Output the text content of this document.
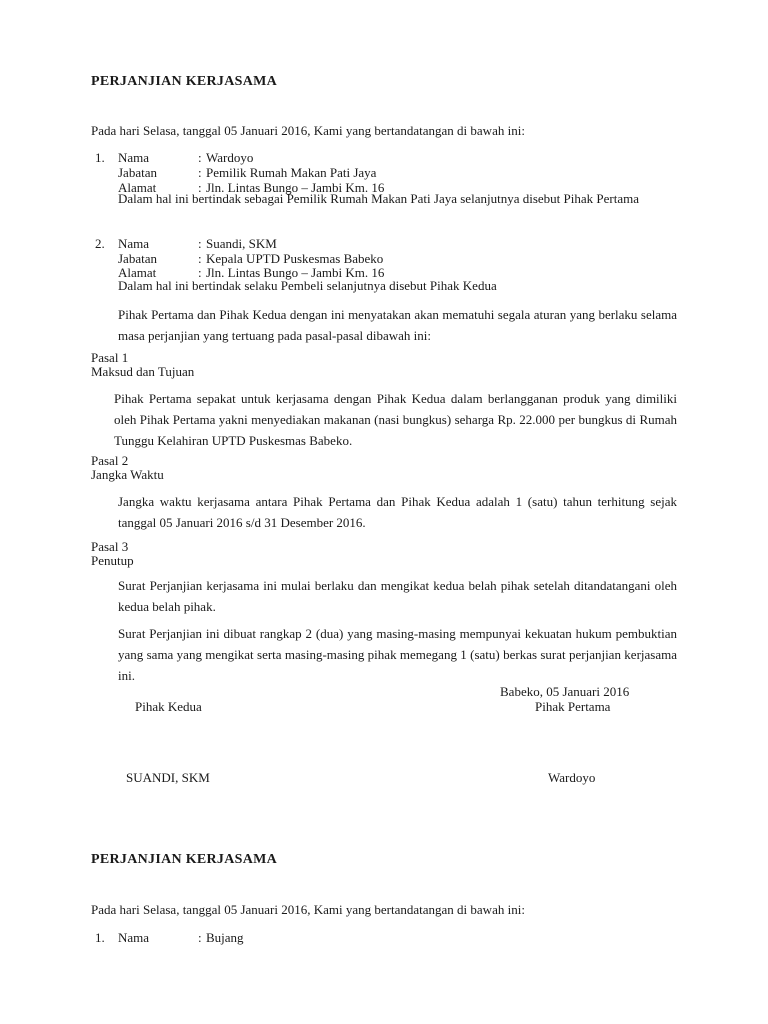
PERJANJIAN KERJASAMA
Pada hari Selasa, tanggal 05 Januari 2016, Kami yang bertandatangan di bawah ini:
1. Nama	: Wardoyo
Jabatan	: Pemilik Rumah Makan Pati Jaya
Alamat	: Jln. Lintas Bungo – Jambi Km. 16
Dalam hal ini bertindak sebagai Pemilik Rumah Makan Pati Jaya selanjutnya disebut Pihak Pertama
2. Nama	: Suandi, SKM
Jabatan	: Kepala UPTD Puskesmas Babeko
Alamat	: Jln. Lintas Bungo – Jambi Km. 16
Dalam hal ini bertindak selaku Pembeli selanjutnya disebut Pihak Kedua
Pihak Pertama dan Pihak Kedua dengan ini menyatakan akan mematuhi segala aturan yang berlaku selama masa perjanjian yang tertuang pada pasal-pasal dibawah ini:
Pasal 1
Maksud dan Tujuan
Pihak Pertama sepakat untuk kerjasama dengan Pihak Kedua dalam berlangganan produk yang dimiliki oleh Pihak Pertama yakni menyediakan makanan (nasi bungkus) seharga Rp. 22.000 per bungkus di Rumah Tunggu Kelahiran UPTD Puskesmas Babeko.
Pasal 2
Jangka Waktu
Jangka waktu kerjasama antara Pihak Pertama dan Pihak Kedua adalah 1 (satu) tahun terhitung sejak tanggal 05 Januari 2016 s/d 31 Desember 2016.
Pasal 3
Penutup
Surat Perjanjian kerjasama ini mulai berlaku dan mengikat kedua belah pihak setelah ditandatangani oleh kedua belah pihak.
Surat Perjanjian ini dibuat rangkap 2 (dua) yang masing-masing mempunyai kekuatan hukum pembuktian yang sama yang mengikat serta masing-masing pihak memegang 1 (satu) berkas surat perjanjian kerjasama ini.
Babeko, 05 Januari 2016
Pihak Kedua	Pihak Pertama
SUANDI, SKM	Wardoyo
PERJANJIAN KERJASAMA
Pada hari Selasa, tanggal 05 Januari 2016, Kami yang bertandatangan di bawah ini:
1. Nama	: Bujang
